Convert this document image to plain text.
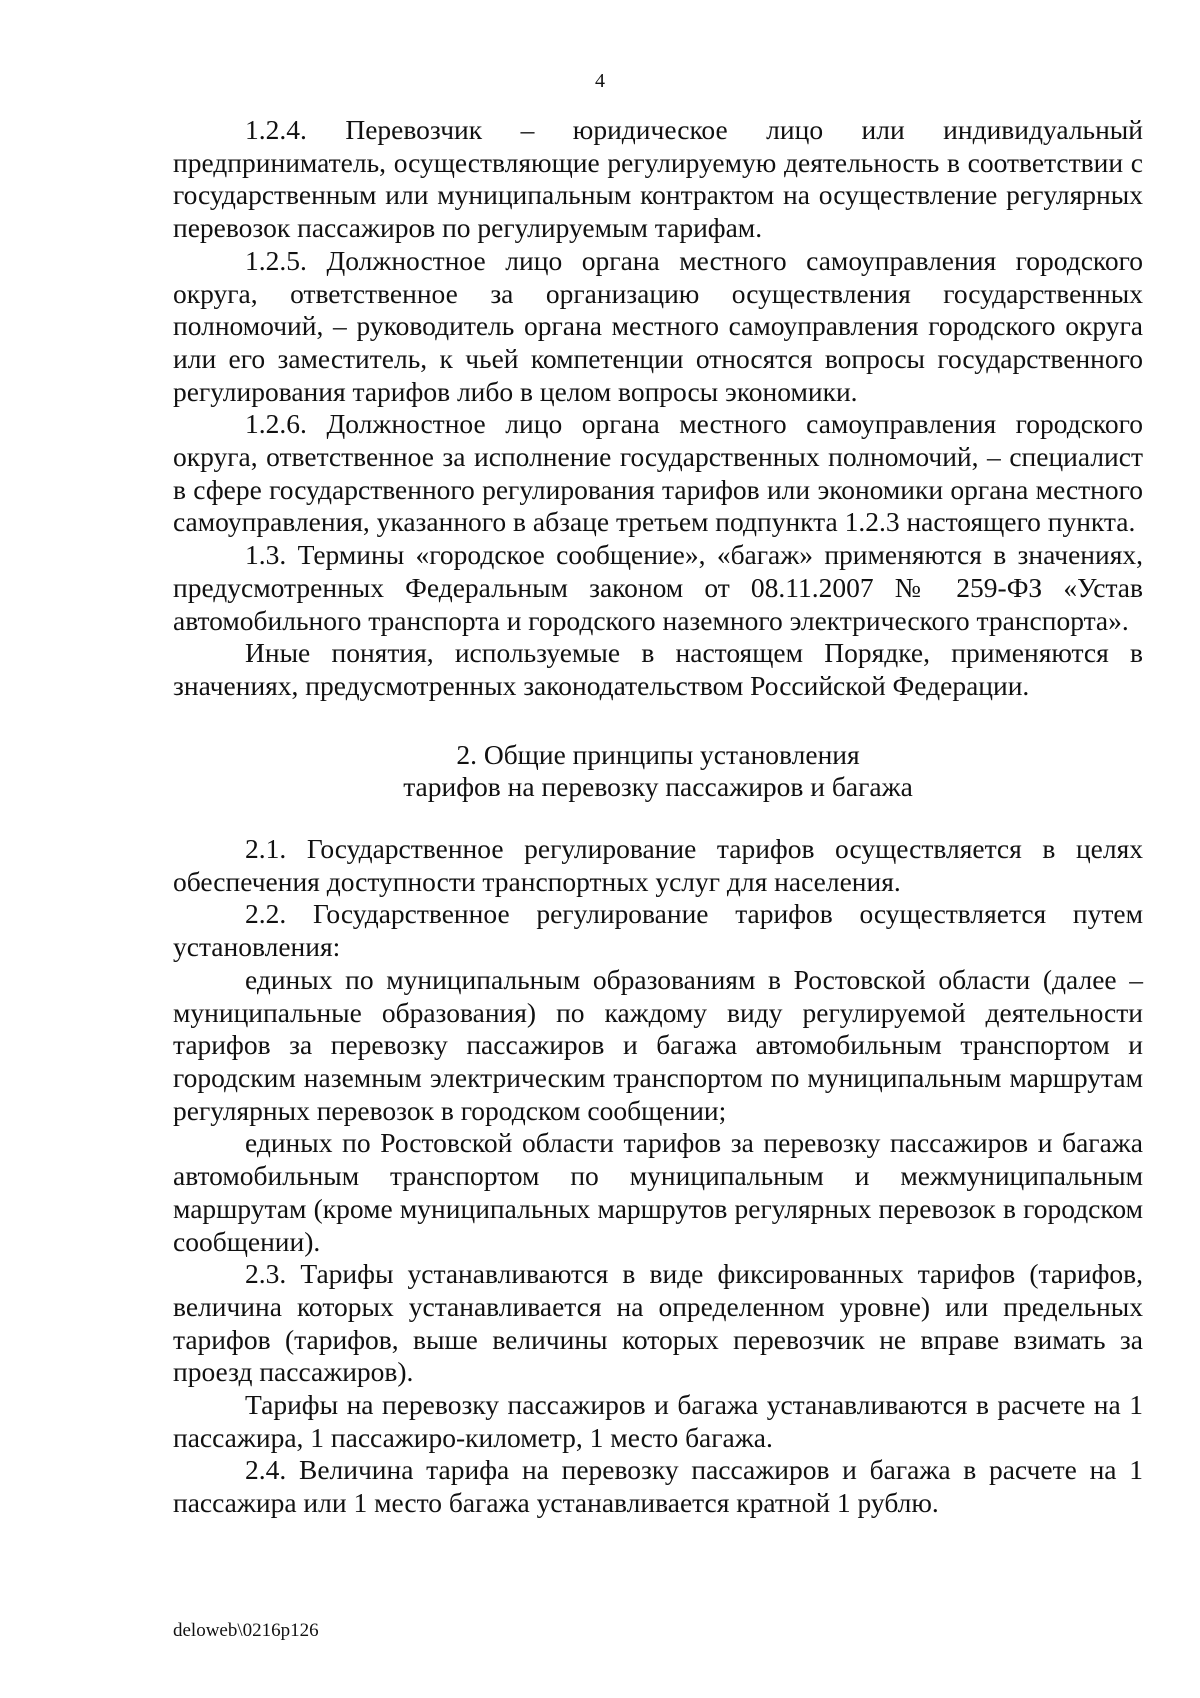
4

1.2.4. Перевозчик – юридическое лицо или индивидуальный предприниматель, осуществляющие регулируемую деятельность в соответствии с государственным или муниципальным контрактом на осуществление регулярных перевозок пассажиров по регулируемым тарифам.

1.2.5. Должностное лицо органа местного самоуправления городского округа, ответственное за организацию осуществления государственных полномочий, – руководитель органа местного самоуправления городского округа или его заместитель, к чьей компетенции относятся вопросы государственного регулирования тарифов либо в целом вопросы экономики.

1.2.6. Должностное лицо органа местного самоуправления городского округа, ответственное за исполнение государственных полномочий, – специалист в сфере государственного регулирования тарифов или экономики органа местного самоуправления, указанного в абзаце третьем подпункта 1.2.3 настоящего пункта.

1.3. Термины «городское сообщение», «багаж» применяются в значениях, предусмотренных Федеральным законом от 08.11.2007 № 259-ФЗ «Устав автомобильного транспорта и городского наземного электрического транспорта».

Иные понятия, используемые в настоящем Порядке, применяются в значениях, предусмотренных законодательством Российской Федерации.

2. Общие принципы установления
тарифов на перевозку пассажиров и багажа

2.1. Государственное регулирование тарифов осуществляется в целях обеспечения доступности транспортных услуг для населения.

2.2. Государственное регулирование тарифов осуществляется путем установления:

единых по муниципальным образованиям в Ростовской области (далее – муниципальные образования) по каждому виду регулируемой деятельности тарифов за перевозку пассажиров и багажа автомобильным транспортом и городским наземным электрическим транспортом по муниципальным маршрутам регулярных перевозок в городском сообщении;

единых по Ростовской области тарифов за перевозку пассажиров и багажа автомобильным транспортом по муниципальным и межмуниципальным маршрутам (кроме муниципальных маршрутов регулярных перевозок в городском сообщении).

2.3. Тарифы устанавливаются в виде фиксированных тарифов (тарифов, величина которых устанавливается на определенном уровне) или предельных тарифов (тарифов, выше величины которых перевозчик не вправе взимать за проезд пассажиров).

Тарифы на перевозку пассажиров и багажа устанавливаются в расчете на 1 пассажира, 1 пассажиро-километр, 1 место багажа.

2.4. Величина тарифа на перевозку пассажиров и багажа в расчете на 1 пассажира или 1 место багажа устанавливается кратной 1 рублю.

deloweb\0216p126
